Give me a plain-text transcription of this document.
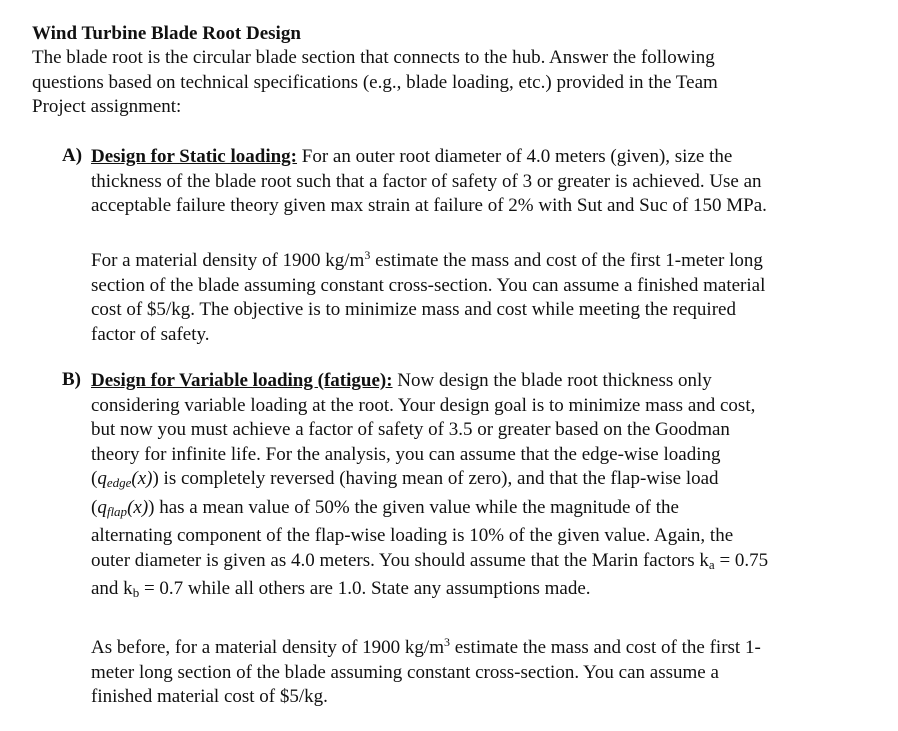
Wind Turbine Blade Root Design
The blade root is the circular blade section that connects to the hub. Answer the following
questions based on technical specifications (e.g., blade loading, etc.) provided in the Team
Project assignment:
A) Design for Static loading: For an outer root diameter of 4.0 meters (given), size the
thickness of the blade root such that a factor of safety of 3 or greater is achieved. Use an
acceptable failure theory given max strain at failure of 2% with Sut and Suc of 150 MPa.
For a material density of 1900 $kg/m^3$ estimate the mass and cost of the first 1-meter long
section of the blade assuming constant cross-section. You can assume a finished material
cost of $5/kg. The objective is to minimize mass and cost while meeting the required
factor of safety.
B) Design for Variable loading (fatigue): Now design the blade root thickness only
considering variable loading at the root. Your design goal is to minimize mass and cost,
but now you must achieve a factor of safety of 3.5 or greater based on the Goodman
theory for infinite life. For the analysis, you can assume that the edge-wise loading
$(q_{edge}(x))$ is completely reversed (having mean of zero), and that the flap-wise load
$(q_{flap}(x))$ has a mean value of 50% the given value while the magnitude of the
alternating component of the flap-wise loading is 10% of the given value. Again, the
outer diameter is given as 4.0 meters. You should assume that the Marin factors $k_a = 0.75$
and $k_b = 0.7$ while all others are 1.0. State any assumptions made.
As before, for a material density of 1900 $kg/m^3$ estimate the mass and cost of the first 1-
meter long section of the blade assuming constant cross-section. You can assume a
finished material cost of $5/kg.
